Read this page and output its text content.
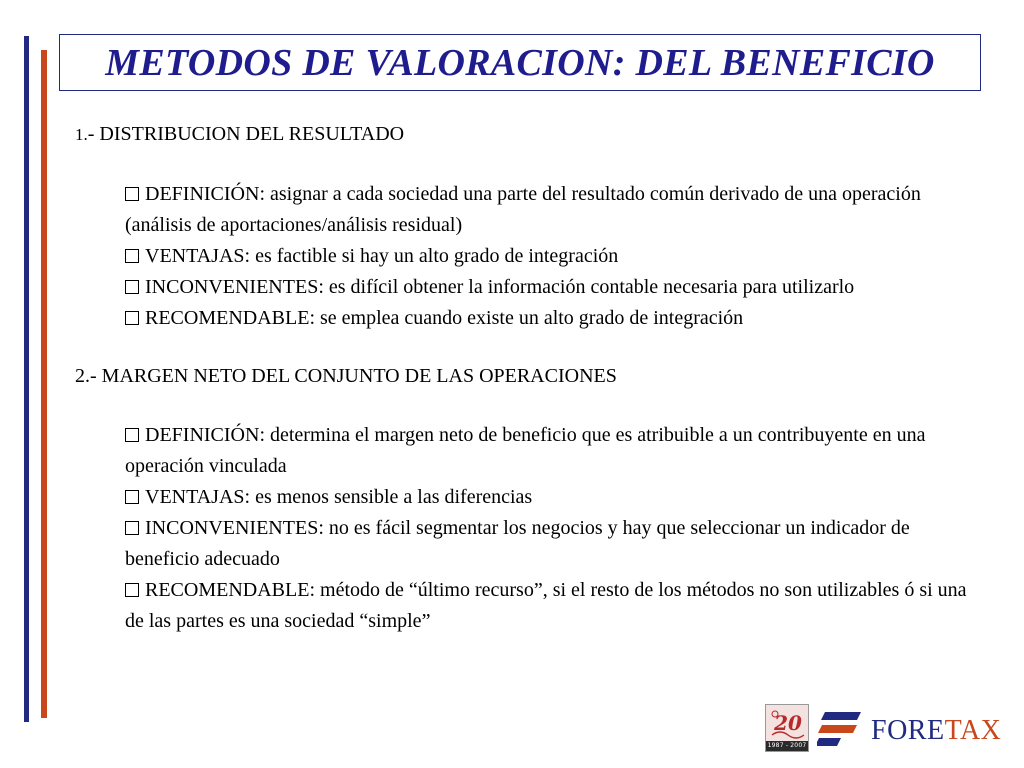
METODOS DE VALORACION: DEL BENEFICIO

1.- DISTRIBUCION DEL RESULTADO

DEFINICIÓN: asignar a cada sociedad una parte del resultado común derivado de una operación (análisis de aportaciones/análisis residual)
VENTAJAS: es factible si hay un alto grado de integración
INCONVENIENTES: es difícil obtener la información contable necesaria para utilizarlo
RECOMENDABLE: se emplea cuando existe un alto grado de integración

2.- MARGEN NETO DEL CONJUNTO DE LAS OPERACIONES

DEFINICIÓN: determina el margen neto de beneficio que es atribuible a un contribuyente en una operación vinculada
VENTAJAS: es menos sensible a las diferencias
INCONVENIENTES: no es fácil segmentar los negocios y hay que seleccionar un indicador de beneficio adecuado
RECOMENDABLE: método de “último recurso”, si el resto de los métodos no son utilizables ó si una de las partes es una sociedad “simple”
20
1987 - 2007 FORETAX
